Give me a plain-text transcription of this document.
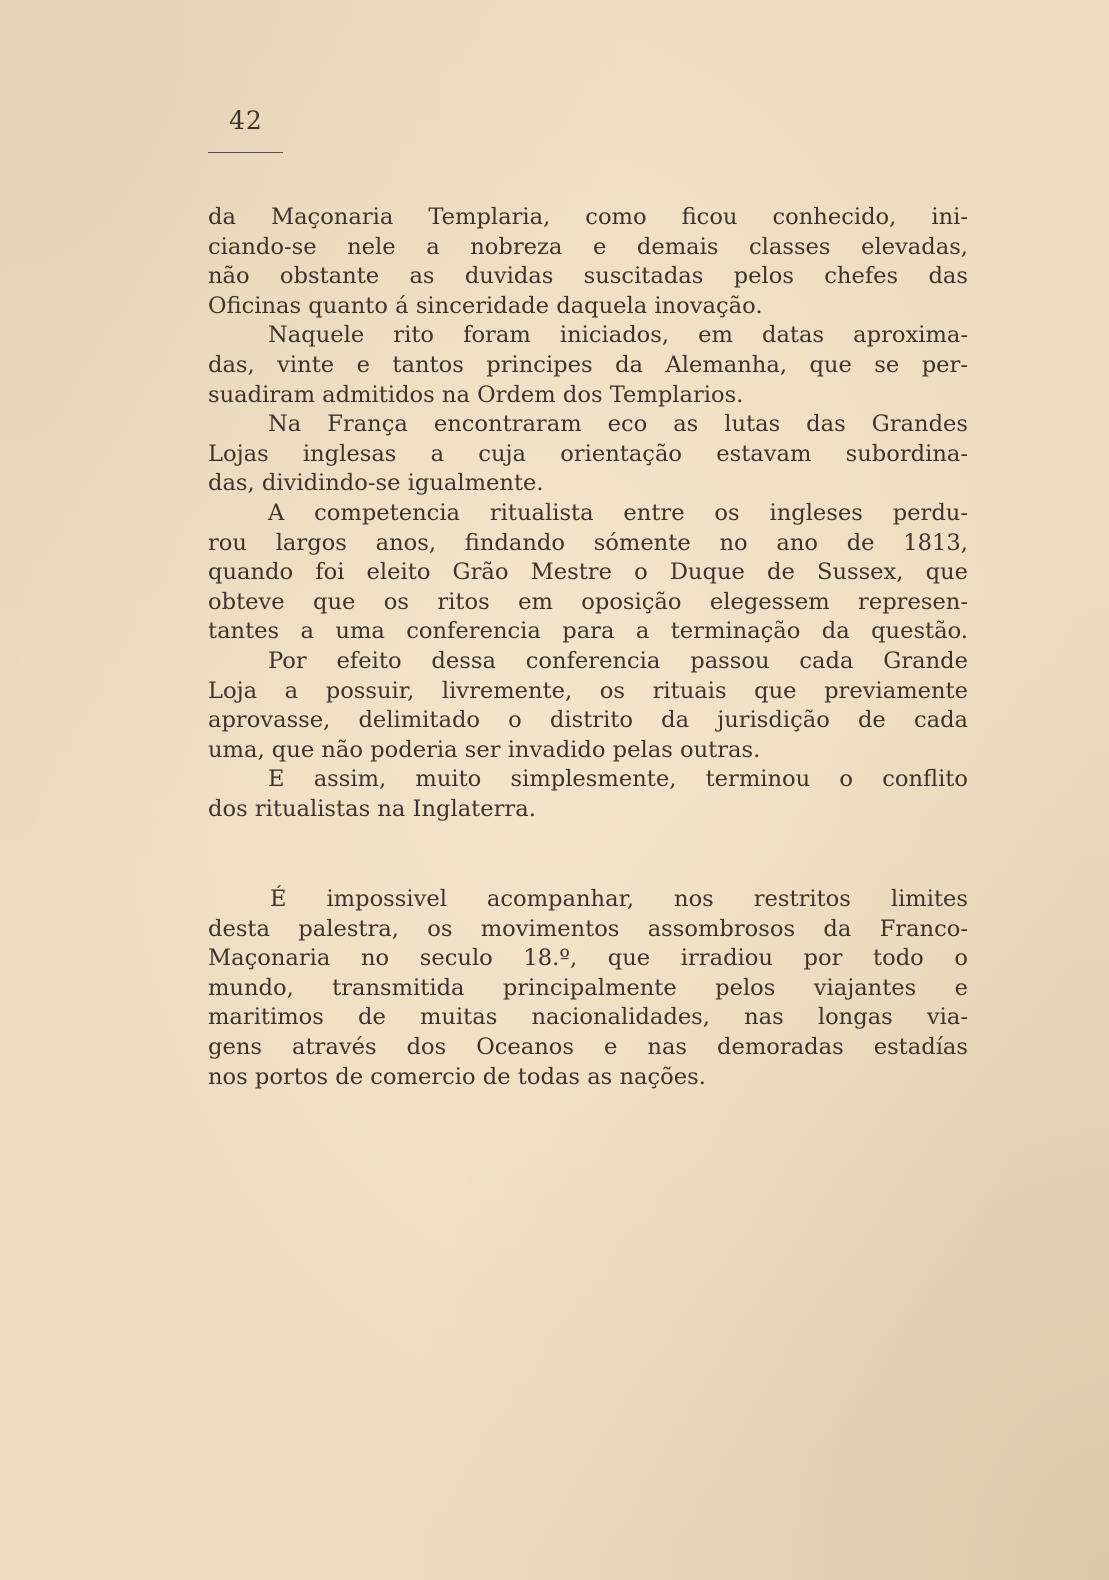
42
da Maçonaria Templaria, como ficou conhecido, ini-
ciando-se nele a nobreza e demais classes elevadas,
não obstante as duvidas suscitadas pelos chefes das
Oficinas quanto á sinceridade daquela inovação.
Naquele rito foram iniciados, em datas aproxima-
das, vinte e tantos principes da Alemanha, que se per-
suadiram admitidos na Ordem dos Templarios.
Na França encontraram eco as lutas das Grandes
Lojas inglesas a cuja orientação estavam subordina-
das, dividindo-se igualmente.
A competencia ritualista entre os ingleses perdu-
rou largos anos, findando sómente no ano de 1813,
quando foi eleito Grão Mestre o Duque de Sussex, que
obteve que os ritos em oposição elegessem represen-
tantes a uma conferencia para a terminação da questão.
Por efeito dessa conferencia passou cada Grande
Loja a possuir, livremente, os rituais que previamente
aprovasse, delimitado o distrito da jurisdição de cada
uma, que não poderia ser invadido pelas outras.
E assim, muito simplesmente, terminou o conflito
dos ritualistas na Inglaterra.
É impossivel acompanhar, nos restritos limites
desta palestra, os movimentos assombrosos da Franco-
Maçonaria no seculo 18.º, que irradiou por todo o
mundo, transmitida principalmente pelos viajantes e
maritimos de muitas nacionalidades, nas longas via-
gens através dos Oceanos e nas demoradas estadías
nos portos de comercio de todas as nações.
